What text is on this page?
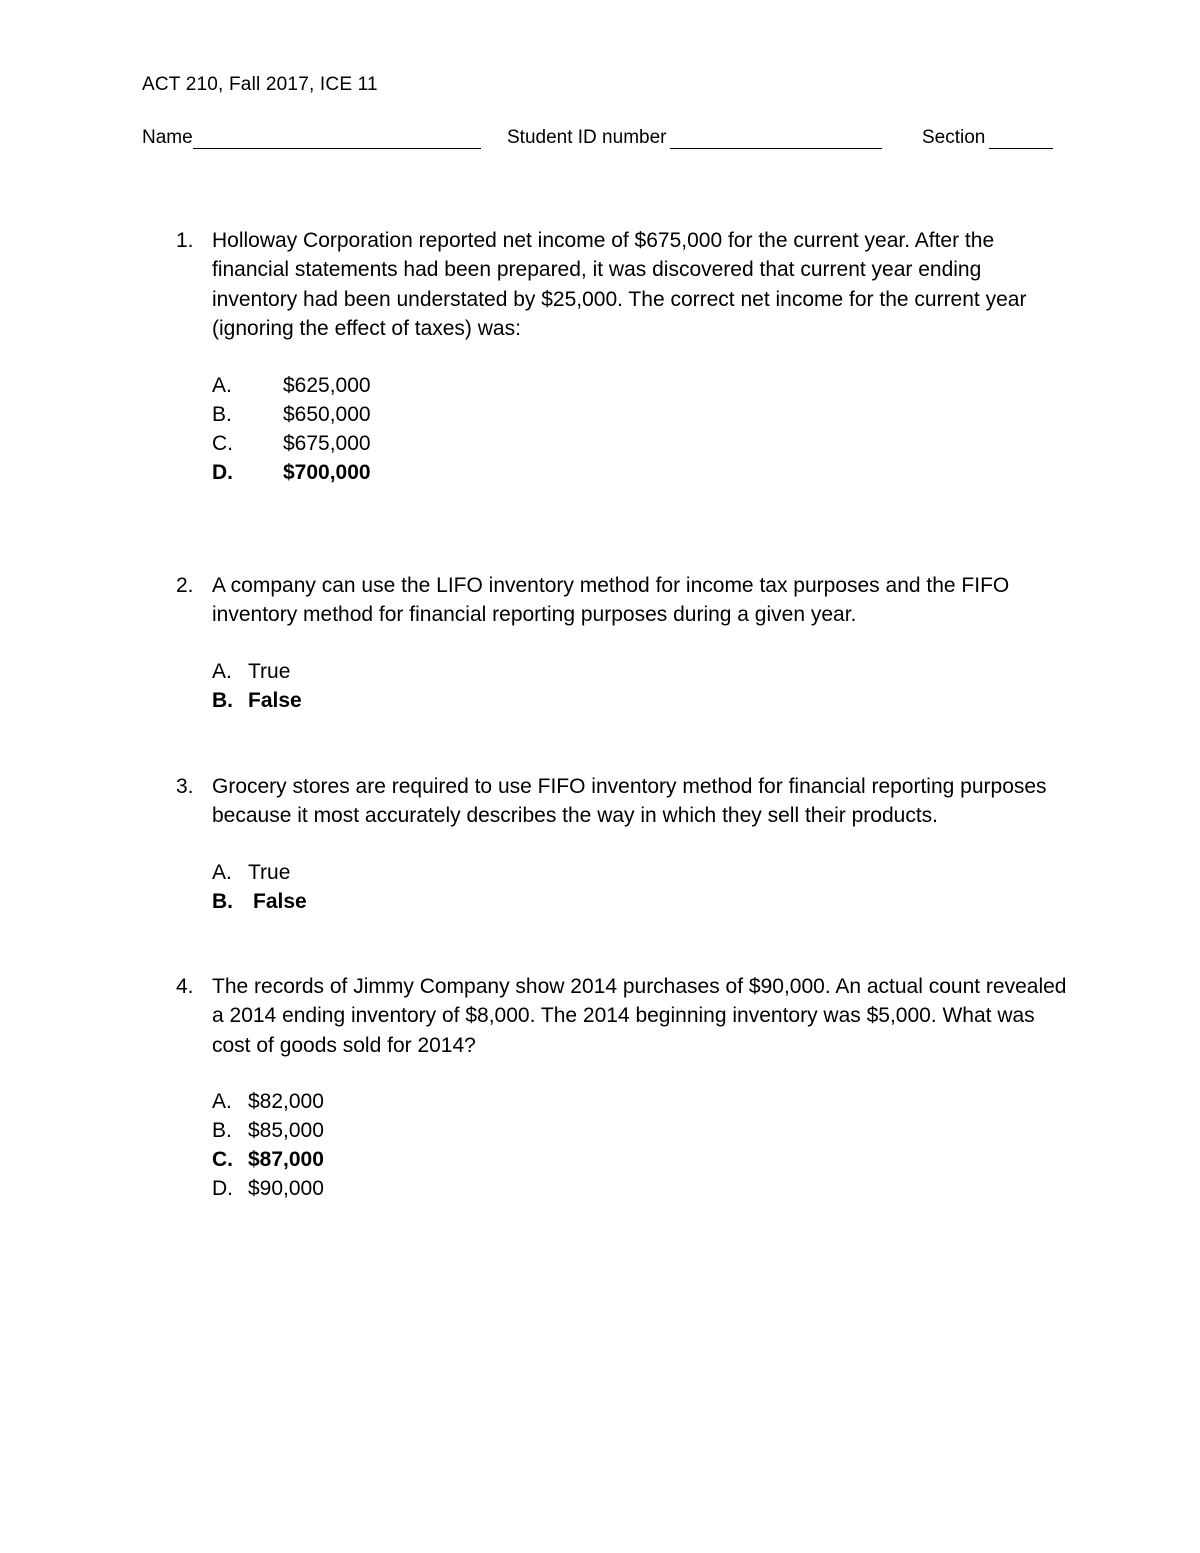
ACT 210, Fall 2017, ICE 11
Name	Student ID number	Section
1. Holloway Corporation reported net income of $675,000 for the current year. After the financial statements had been prepared, it was discovered that current year ending inventory had been understated by $25,000. The correct net income for the current year (ignoring the effect of taxes) was:
A.	$625,000
B.	$650,000
C.	$675,000
D.	$700,000
2. A company can use the LIFO inventory method for income tax purposes and the FIFO inventory method for financial reporting purposes during a given year.
A. True
B. False
3. Grocery stores are required to use FIFO inventory method for financial reporting purposes because it most accurately describes the way in which they sell their products.
A. True
B. False
4. The records of Jimmy Company show 2014 purchases of $90,000. An actual count revealed a 2014 ending inventory of $8,000. The 2014 beginning inventory was $5,000. What was cost of goods sold for 2014?
A. $82,000
B. $85,000
C. $87,000
D. $90,000
